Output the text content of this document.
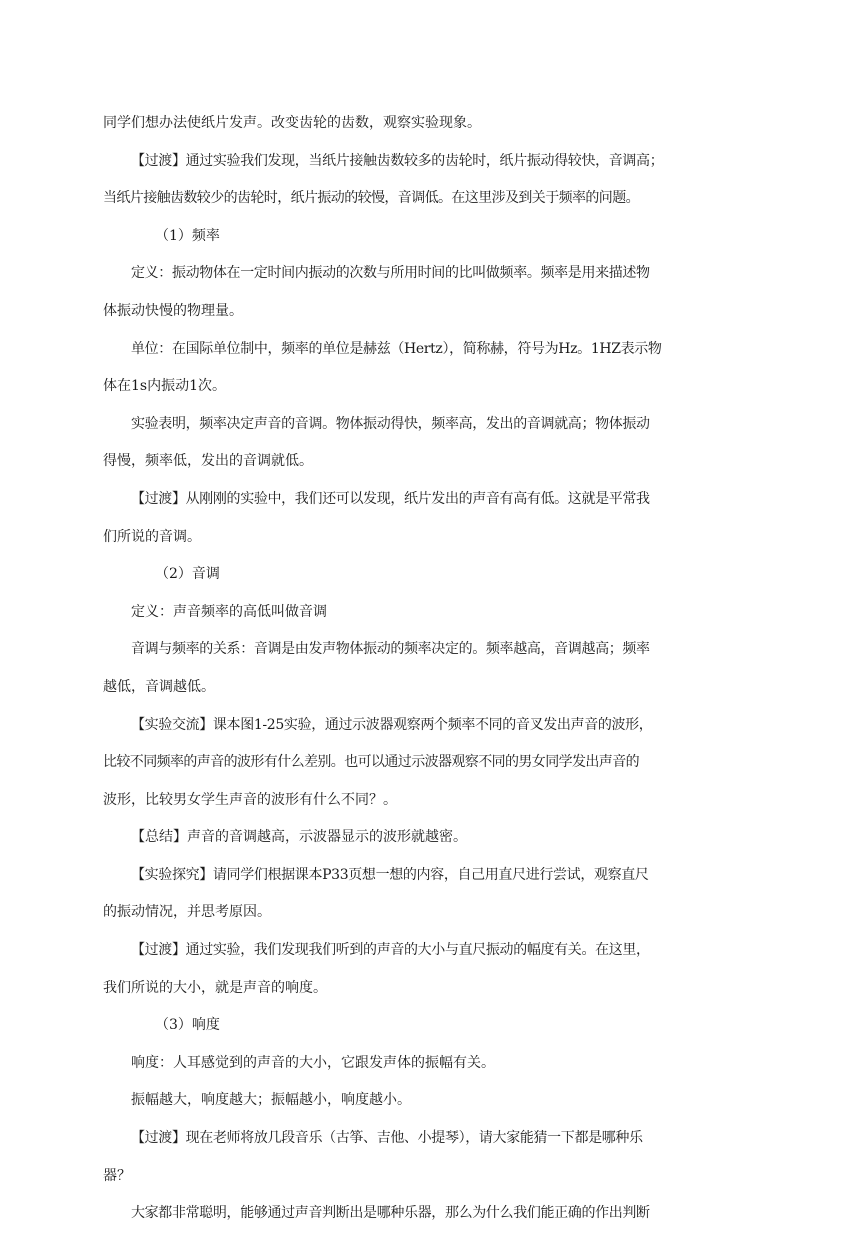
同学们想办法使纸片发声。改变齿轮的齿数，观察实验现象。
【过渡】通过实验我们发现，当纸片接触齿数较多的齿轮时，纸片振动得较快，音调高；
当纸片接触齿数较少的齿轮时，纸片振动的较慢，音调低。在这里涉及到关于频率的问题。
（1）频率
定义：振动物体在一定时间内振动的次数与所用时间的比叫做频率。频率是用来描述物
体振动快慢的物理量。
单位：在国际单位制中，频率的单位是赫兹（Hertz），简称赫，符号为Hz。1HZ表示物
体在1s内振动1次。
实验表明，频率决定声音的音调。物体振动得快，频率高，发出的音调就高；物体振动
得慢，频率低，发出的音调就低。
【过渡】从刚刚的实验中，我们还可以发现，纸片发出的声音有高有低。这就是平常我
们所说的音调。
（2）音调
定义：声音频率的高低叫做音调
音调与频率的关系：音调是由发声物体振动的频率决定的。频率越高，音调越高；频率
越低，音调越低。
【实验交流】课本图1-25实验，通过示波器观察两个频率不同的音叉发出声音的波形，
比较不同频率的声音的波形有什么差别。也可以通过示波器观察不同的男女同学发出声音的
波形，比较男女学生声音的波形有什么不同？。
【总结】声音的音调越高，示波器显示的波形就越密。
【实验探究】请同学们根据课本P33页想一想的内容，自己用直尺进行尝试，观察直尺
的振动情况，并思考原因。
【过渡】通过实验，我们发现我们听到的声音的大小与直尺振动的幅度有关。在这里，
我们所说的大小，就是声音的响度。
（3）响度
响度：人耳感觉到的声音的大小，它跟发声体的振幅有关。
振幅越大，响度越大；振幅越小，响度越小。
【过渡】现在老师将放几段音乐（古筝、吉他、小提琴），请大家能猜一下都是哪种乐
器？
大家都非常聪明，能够通过声音判断出是哪种乐器，那么为什么我们能正确的作出判断
